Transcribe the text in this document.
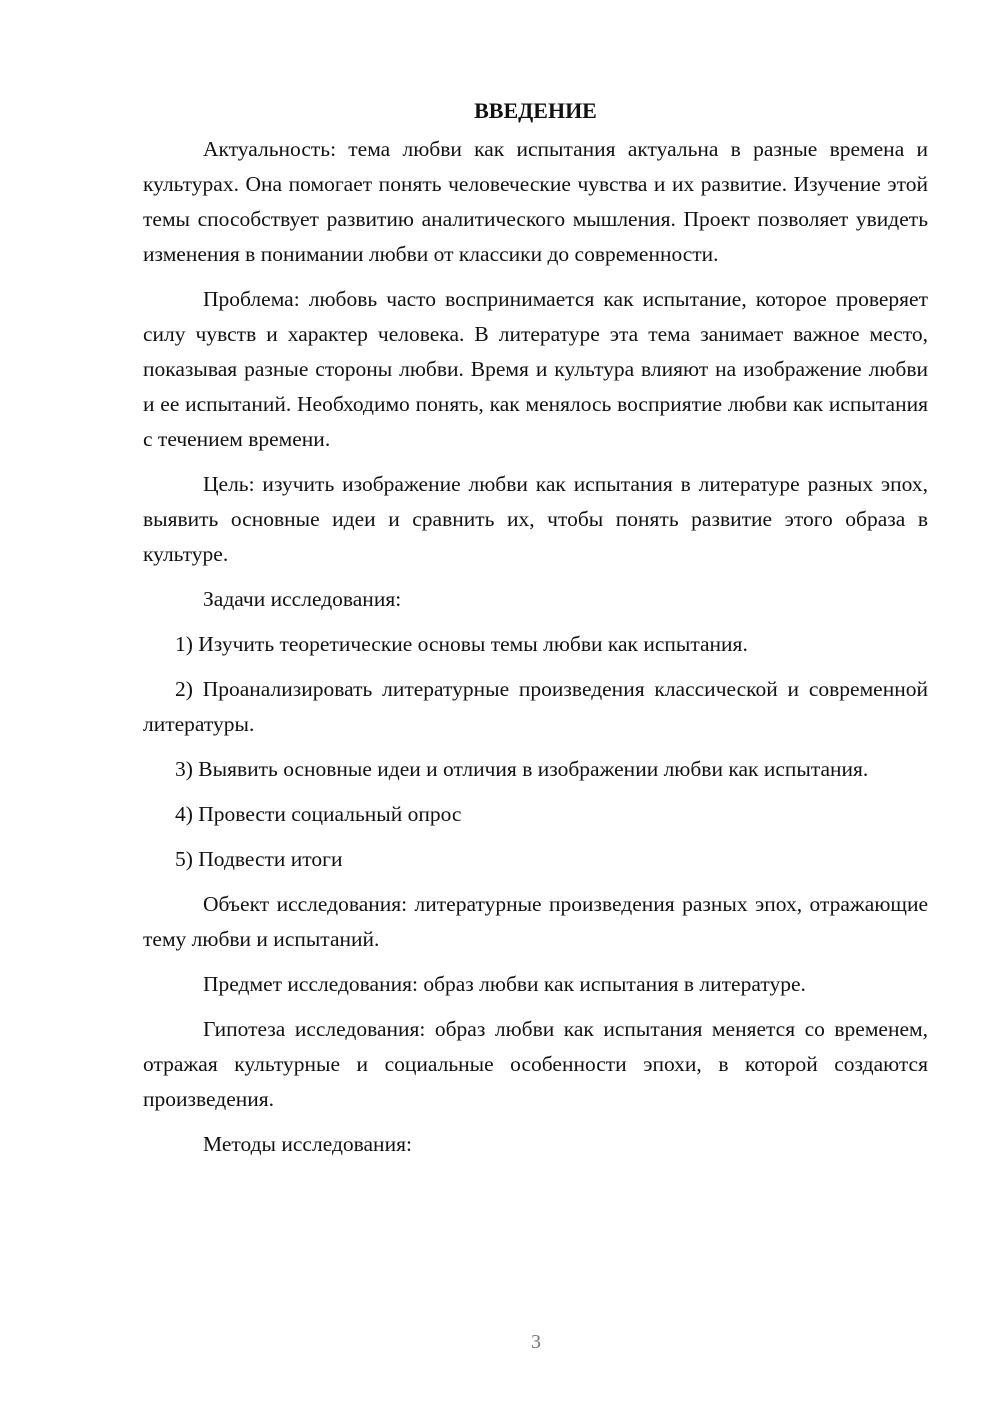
ВВЕДЕНИЕ

Актуальность: тема любви как испытания актуальна в разные времена и культурах. Она помогает понять человеческие чувства и их развитие. Изучение этой темы способствует развитию аналитического мышления. Проект позволяет увидеть изменения в понимании любви от классики до современности.

Проблема: любовь часто воспринимается как испытание, которое проверяет силу чувств и характер человека. В литературе эта тема занимает важное место, показывая разные стороны любви. Время и культура влияют на изображение любви и ее испытаний. Необходимо понять, как менялось восприятие любви как испытания с течением времени.

Цель: изучить изображение любви как испытания в литературе разных эпох, выявить основные идеи и сравнить их, чтобы понять развитие этого образа в культуре.

Задачи исследования:

1) Изучить теоретические основы темы любви как испытания.

2) Проанализировать литературные произведения классической и современной литературы.

3) Выявить основные идеи и отличия в изображении любви как испытания.

4) Провести социальный опрос

5) Подвести итоги

Объект исследования: литературные произведения разных эпох, отражающие тему любви и испытаний.

Предмет исследования: образ любви как испытания в литературе.

Гипотеза исследования: образ любви как испытания меняется со временем, отражая культурные и социальные особенности эпохи, в которой создаются произведения.

Методы исследования:

3
